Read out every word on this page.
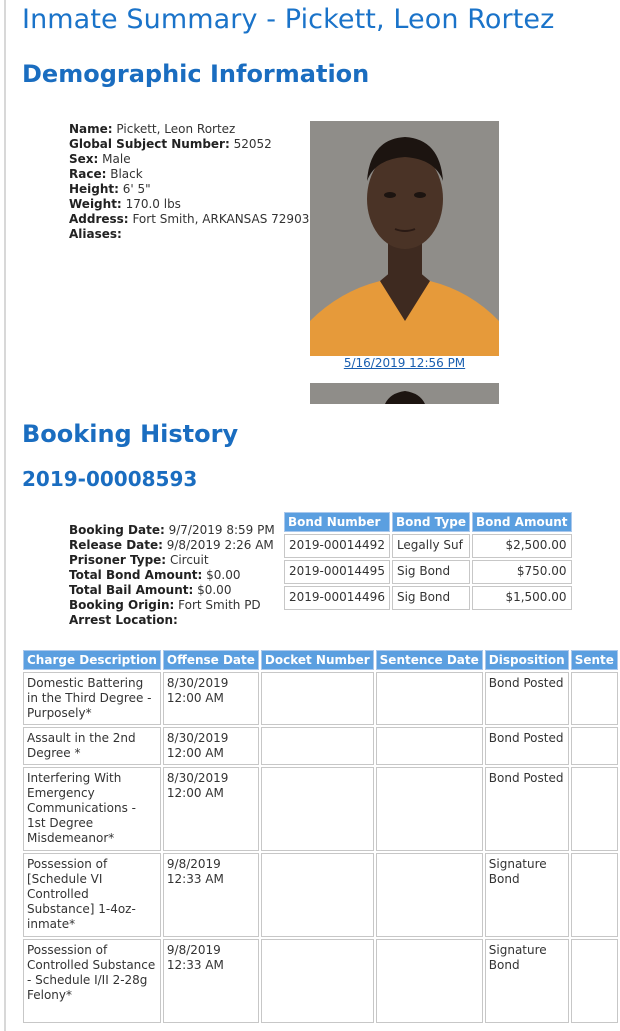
Inmate Summary - Pickett, Leon Rortez
Demographic Information
Name: Pickett, Leon Rortez
Global Subject Number: 52052
Sex: Male
Race: Black
Height: 6' 5"
Weight: 170.0 lbs
Address: Fort Smith, ARKANSAS 72903
Aliases:
5/16/2019 12:56 PM
Booking History
2019-00008593
Booking Date: 9/7/2019 8:59 PM
Release Date: 9/8/2019 2:26 AM
Prisoner Type: Circuit
Total Bond Amount: $0.00
Total Bail Amount: $0.00
Booking Origin: Fort Smith PD
Arrest Location:
Bond Number	Bond Type	Bond Amount
2019-00014492	Legally Suf	$2,500.00
2019-00014495	Sig Bond	$750.00
2019-00014496	Sig Bond	$1,500.00
Charge Description	Offense Date	Docket Number	Sentence Date	Disposition	Sente
Domestic Battering in the Third Degree - Purposely*	8/30/2019 12:00 AM			Bond Posted	
Assault in the 2nd Degree *	8/30/2019 12:00 AM			Bond Posted	
Interfering With Emergency Communications - 1st Degree Misdemeanor*	8/30/2019 12:00 AM			Bond Posted	
Possession of [Schedule VI Controlled Substance] 1-4oz-inmate*	9/8/2019 12:33 AM			Signature Bond	
Possession of Controlled Substance - Schedule I/II 2-28g Felony*	9/8/2019 12:33 AM			Signature Bond	
